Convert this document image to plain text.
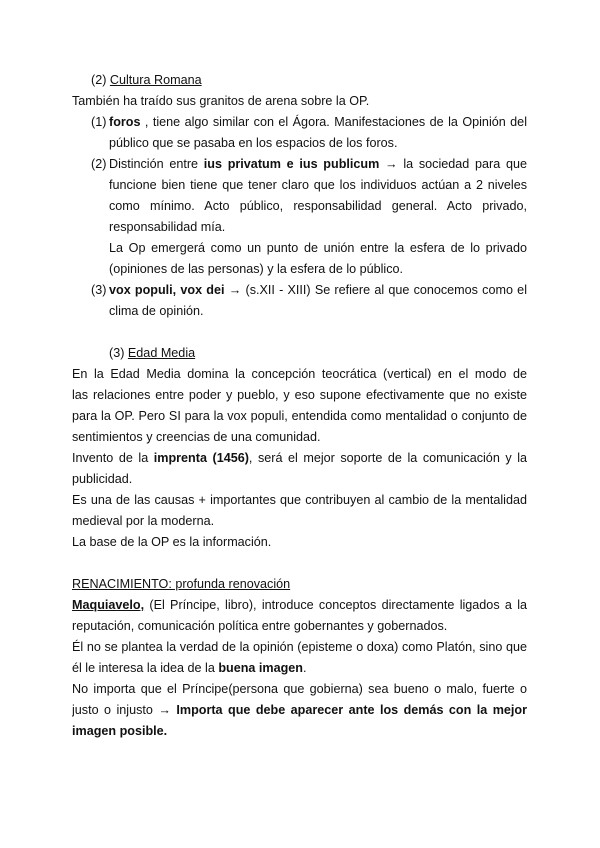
(2) Cultura Romana
También ha traído sus granitos de arena sobre la OP.
(1) foros , tiene algo similar con el Ágora. Manifestaciones de la Opinión del
público que se pasaba en los espacios de los foros.
(2) Distinción entre ius privatum e ius publicum → la sociedad para que
funcione bien tiene que tener claro que los individuos actúan a 2 niveles
como mínimo. Acto público, responsabilidad general. Acto privado,
responsabilidad mía.
La Op emergerá como un punto de unión entre la esfera de lo privado
(opiniones de las personas) y la esfera de lo público.
(3) vox populi, vox dei → (s.XII - XIII) Se refiere al que conocemos como el
clima de opinión.
(3) Edad Media
En la Edad Media domina la concepción teocrática (vertical) en el modo de
las relaciones entre poder y pueblo, y eso supone efectivamente que no existe
para la OP. Pero SI para la vox populi, entendida como mentalidad o conjunto de
sentimientos y creencias de una comunidad.
Invento de la imprenta (1456), será el mejor soporte de la comunicación y la
publicidad.
Es una de las causas + importantes que contribuyen al cambio de la mentalidad
medieval por la moderna.
La base de la OP es la información.
RENACIMIENTO: profunda renovación
Maquiavelo, (El Príncipe, libro), introduce conceptos directamente ligados a la
reputación, comunicación política entre gobernantes y gobernados.
Él no se plantea la verdad de la opinión (episteme o doxa) como Platón, sino que
él le interesa la idea de la buena imagen.
No importa que el Príncipe(persona que gobierna) sea bueno o malo, fuerte o
justo o injusto → Importa que debe aparecer ante los demás con la mejor
imagen posible.
